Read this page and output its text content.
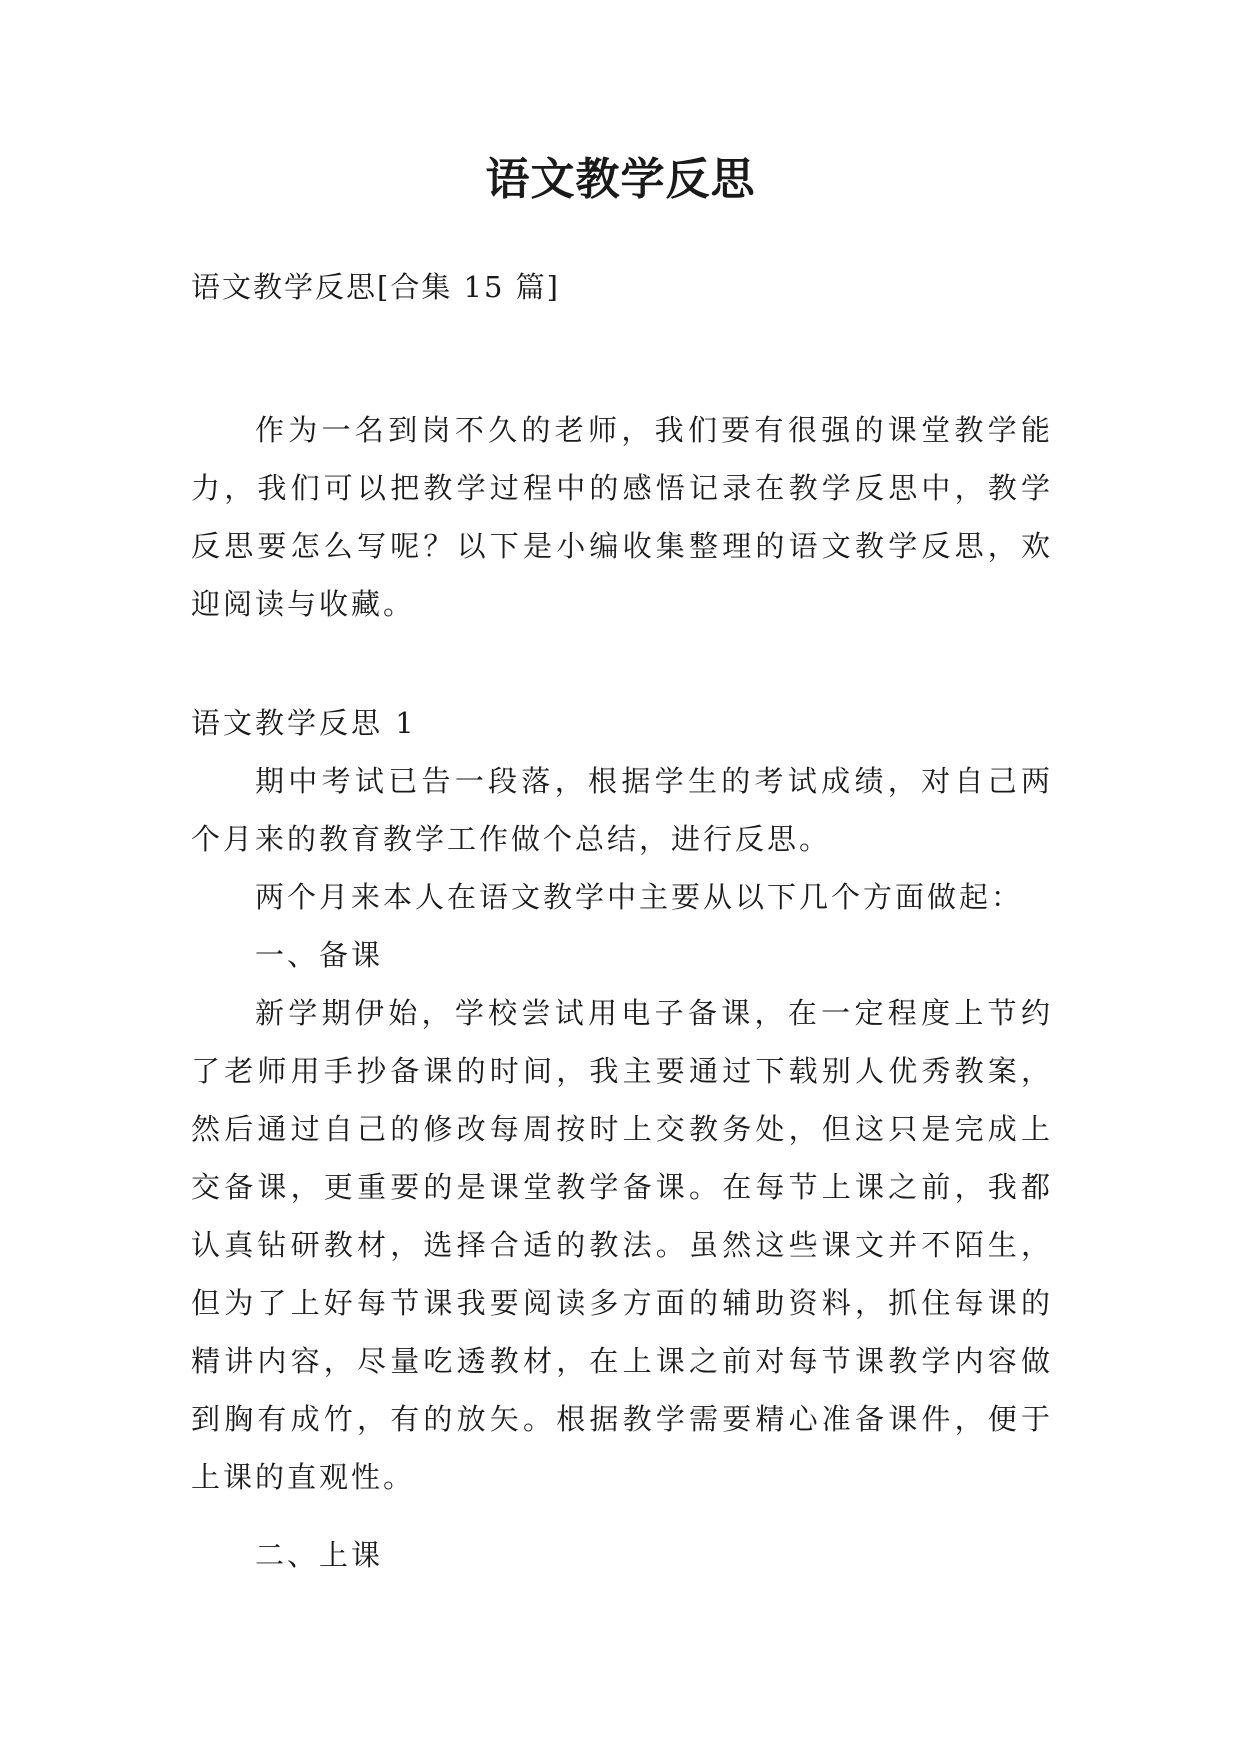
语文教学反思

语文教学反思[合集 15 篇]

作为一名到岗不久的老师，我们要有很强的课堂教学能力，我们可以把教学过程中的感悟记录在教学反思中，教学反思要怎么写呢？以下是小编收集整理的语文教学反思，欢迎阅读与收藏。

语文教学反思 1

期中考试已告一段落，根据学生的考试成绩，对自己两个月来的教育教学工作做个总结，进行反思。

两个月来本人在语文教学中主要从以下几个方面做起：

一、备课

新学期伊始，学校尝试用电子备课，在一定程度上节约了老师用手抄备课的时间，我主要通过下载别人优秀教案，然后通过自己的修改每周按时上交教务处，但这只是完成上交备课，更重要的是课堂教学备课。在每节上课之前，我都认真钻研教材，选择合适的教法。虽然这些课文并不陌生，但为了上好每节课我要阅读多方面的辅助资料，抓住每课的精讲内容，尽量吃透教材，在上课之前对每节课教学内容做到胸有成竹，有的放矢。根据教学需要精心准备课件，便于上课的直观性。

二、上课
